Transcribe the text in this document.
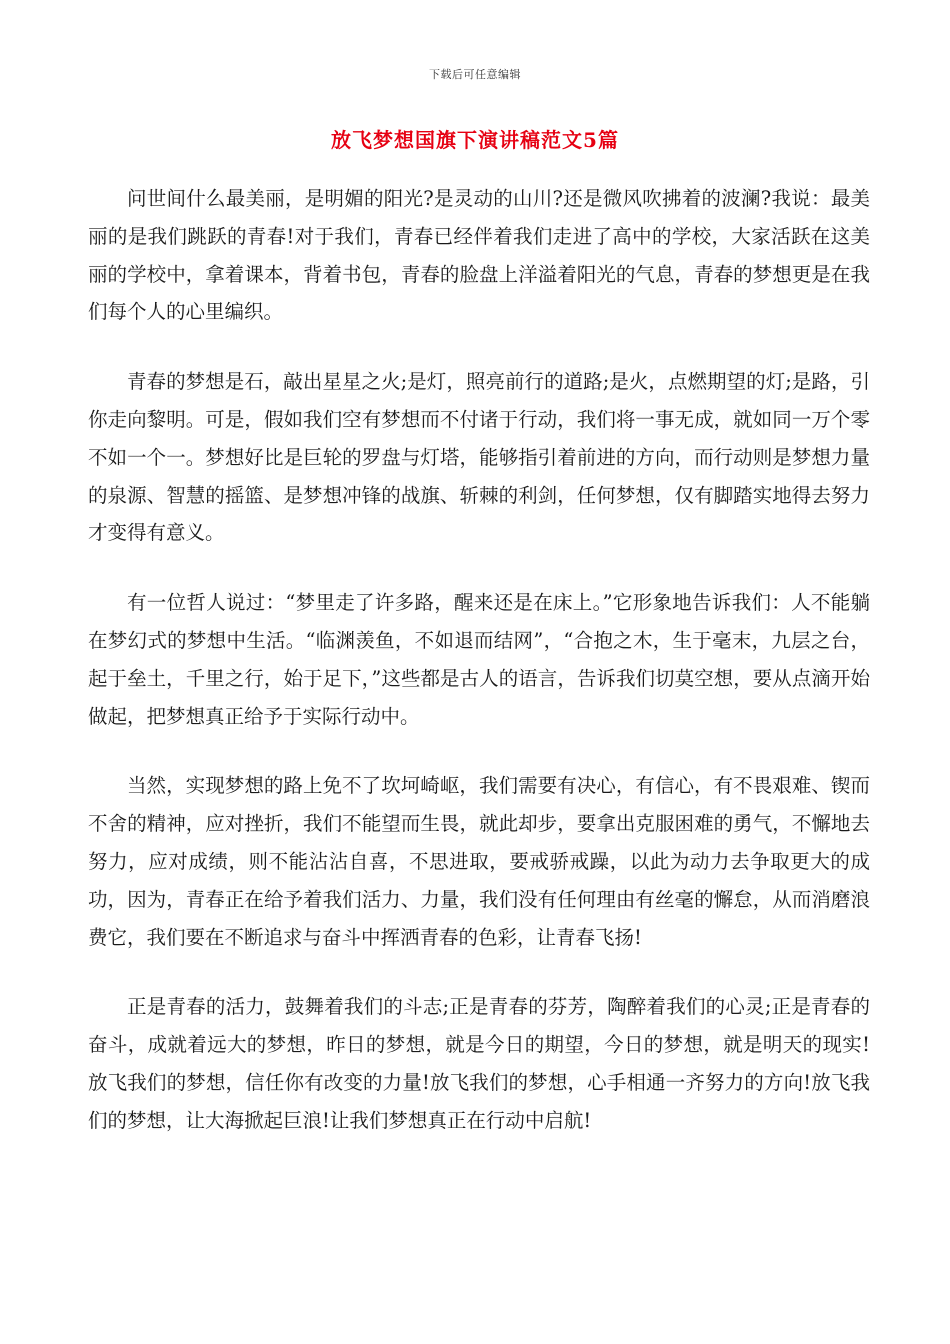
下载后可任意编辑
放飞梦想国旗下演讲稿范文5篇

问世间什么最美丽，是明媚的阳光?是灵动的山川?还是微风吹拂着的波澜?我说：最美丽的是我们跳跃的青春!对于我们，青春已经伴着我们走进了高中的学校，大家活跃在这美丽的学校中，拿着课本，背着书包，青春的脸盘上洋溢着阳光的气息，青春的梦想更是在我们每个人的心里编织。

青春的梦想是石，敲出星星之火;是灯，照亮前行的道路;是火，点燃期望的灯;是路，引你走向黎明。可是，假如我们空有梦想而不付诸于行动，我们将一事无成，就如同一万个零不如一个一。梦想好比是巨轮的罗盘与灯塔，能够指引着前进的方向，而行动则是梦想力量的泉源、智慧的摇篮、是梦想冲锋的战旗、斩棘的利剑，任何梦想，仅有脚踏实地得去努力才变得有意义。

有一位哲人说过：“梦里走了许多路，醒来还是在床上。”它形象地告诉我们：人不能躺在梦幻式的梦想中生活。“临渊羡鱼，不如退而结网”，“合抱之木，生于毫末，九层之台，起于垒土，千里之行，始于足下，”这些都是古人的语言，告诉我们切莫空想，要从点滴开始做起，把梦想真正给予于实际行动中。

当然，实现梦想的路上免不了坎坷崎岖，我们需要有决心，有信心，有不畏艰难、锲而不舍的精神，应对挫折，我们不能望而生畏，就此却步，要拿出克服困难的勇气，不懈地去努力，应对成绩，则不能沾沾自喜，不思进取，要戒骄戒躁，以此为动力去争取更大的成功，因为，青春正在给予着我们活力、力量，我们没有任何理由有丝毫的懈怠，从而消磨浪费它，我们要在不断追求与奋斗中挥洒青春的色彩，让青春飞扬!

正是青春的活力，鼓舞着我们的斗志;正是青春的芬芳，陶醉着我们的心灵;正是青春的奋斗，成就着远大的梦想，昨日的梦想，就是今日的期望，今日的梦想，就是明天的现实!放飞我们的梦想，信任你有改变的力量!放飞我们的梦想，心手相通一齐努力的方向!放飞我们的梦想，让大海掀起巨浪!让我们梦想真正在行动中启航!
